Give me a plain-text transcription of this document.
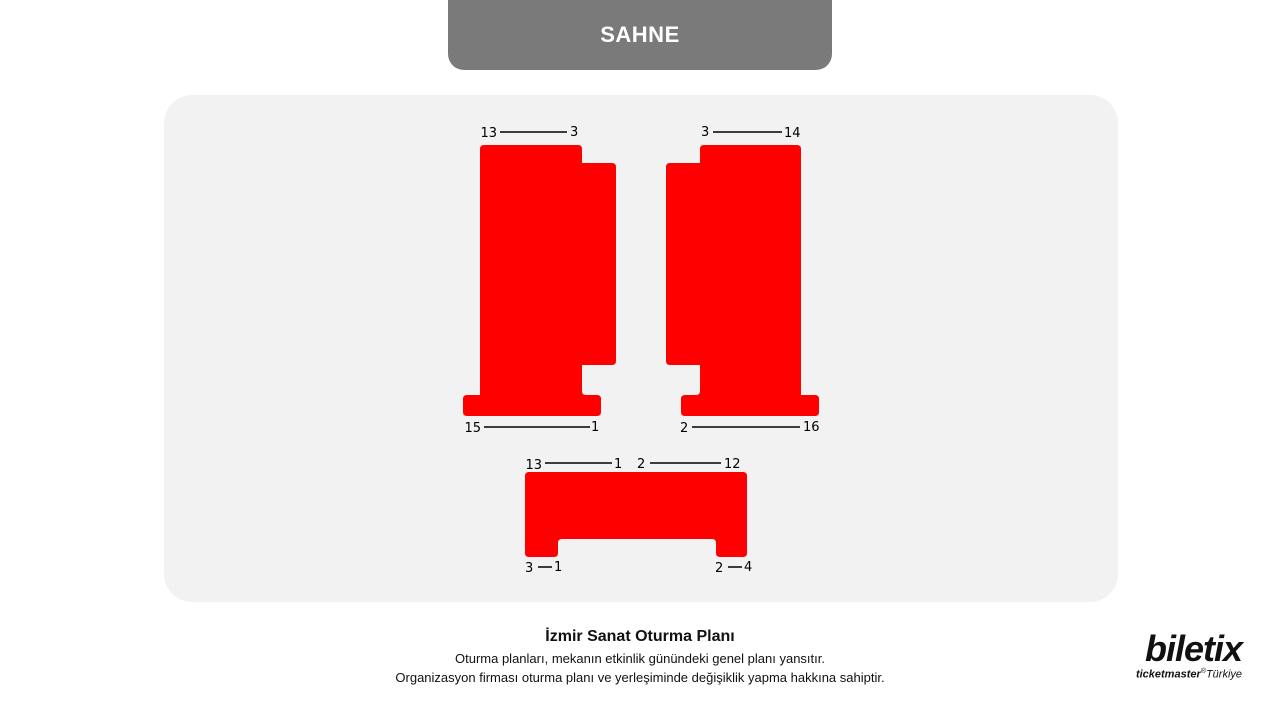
SAHNE
13	3
15	1
3	14
2	16
13	1 2	12
3 1	2 4
İzmir Sanat Oturma Planı
Oturma planları, mekanın etkinlik günündeki genel planı yansıtır.
Organizasyon firması oturma planı ve yerleşiminde değişiklik yapma hakkına sahiptir.
biletix
ticketmaster®Türkiye
